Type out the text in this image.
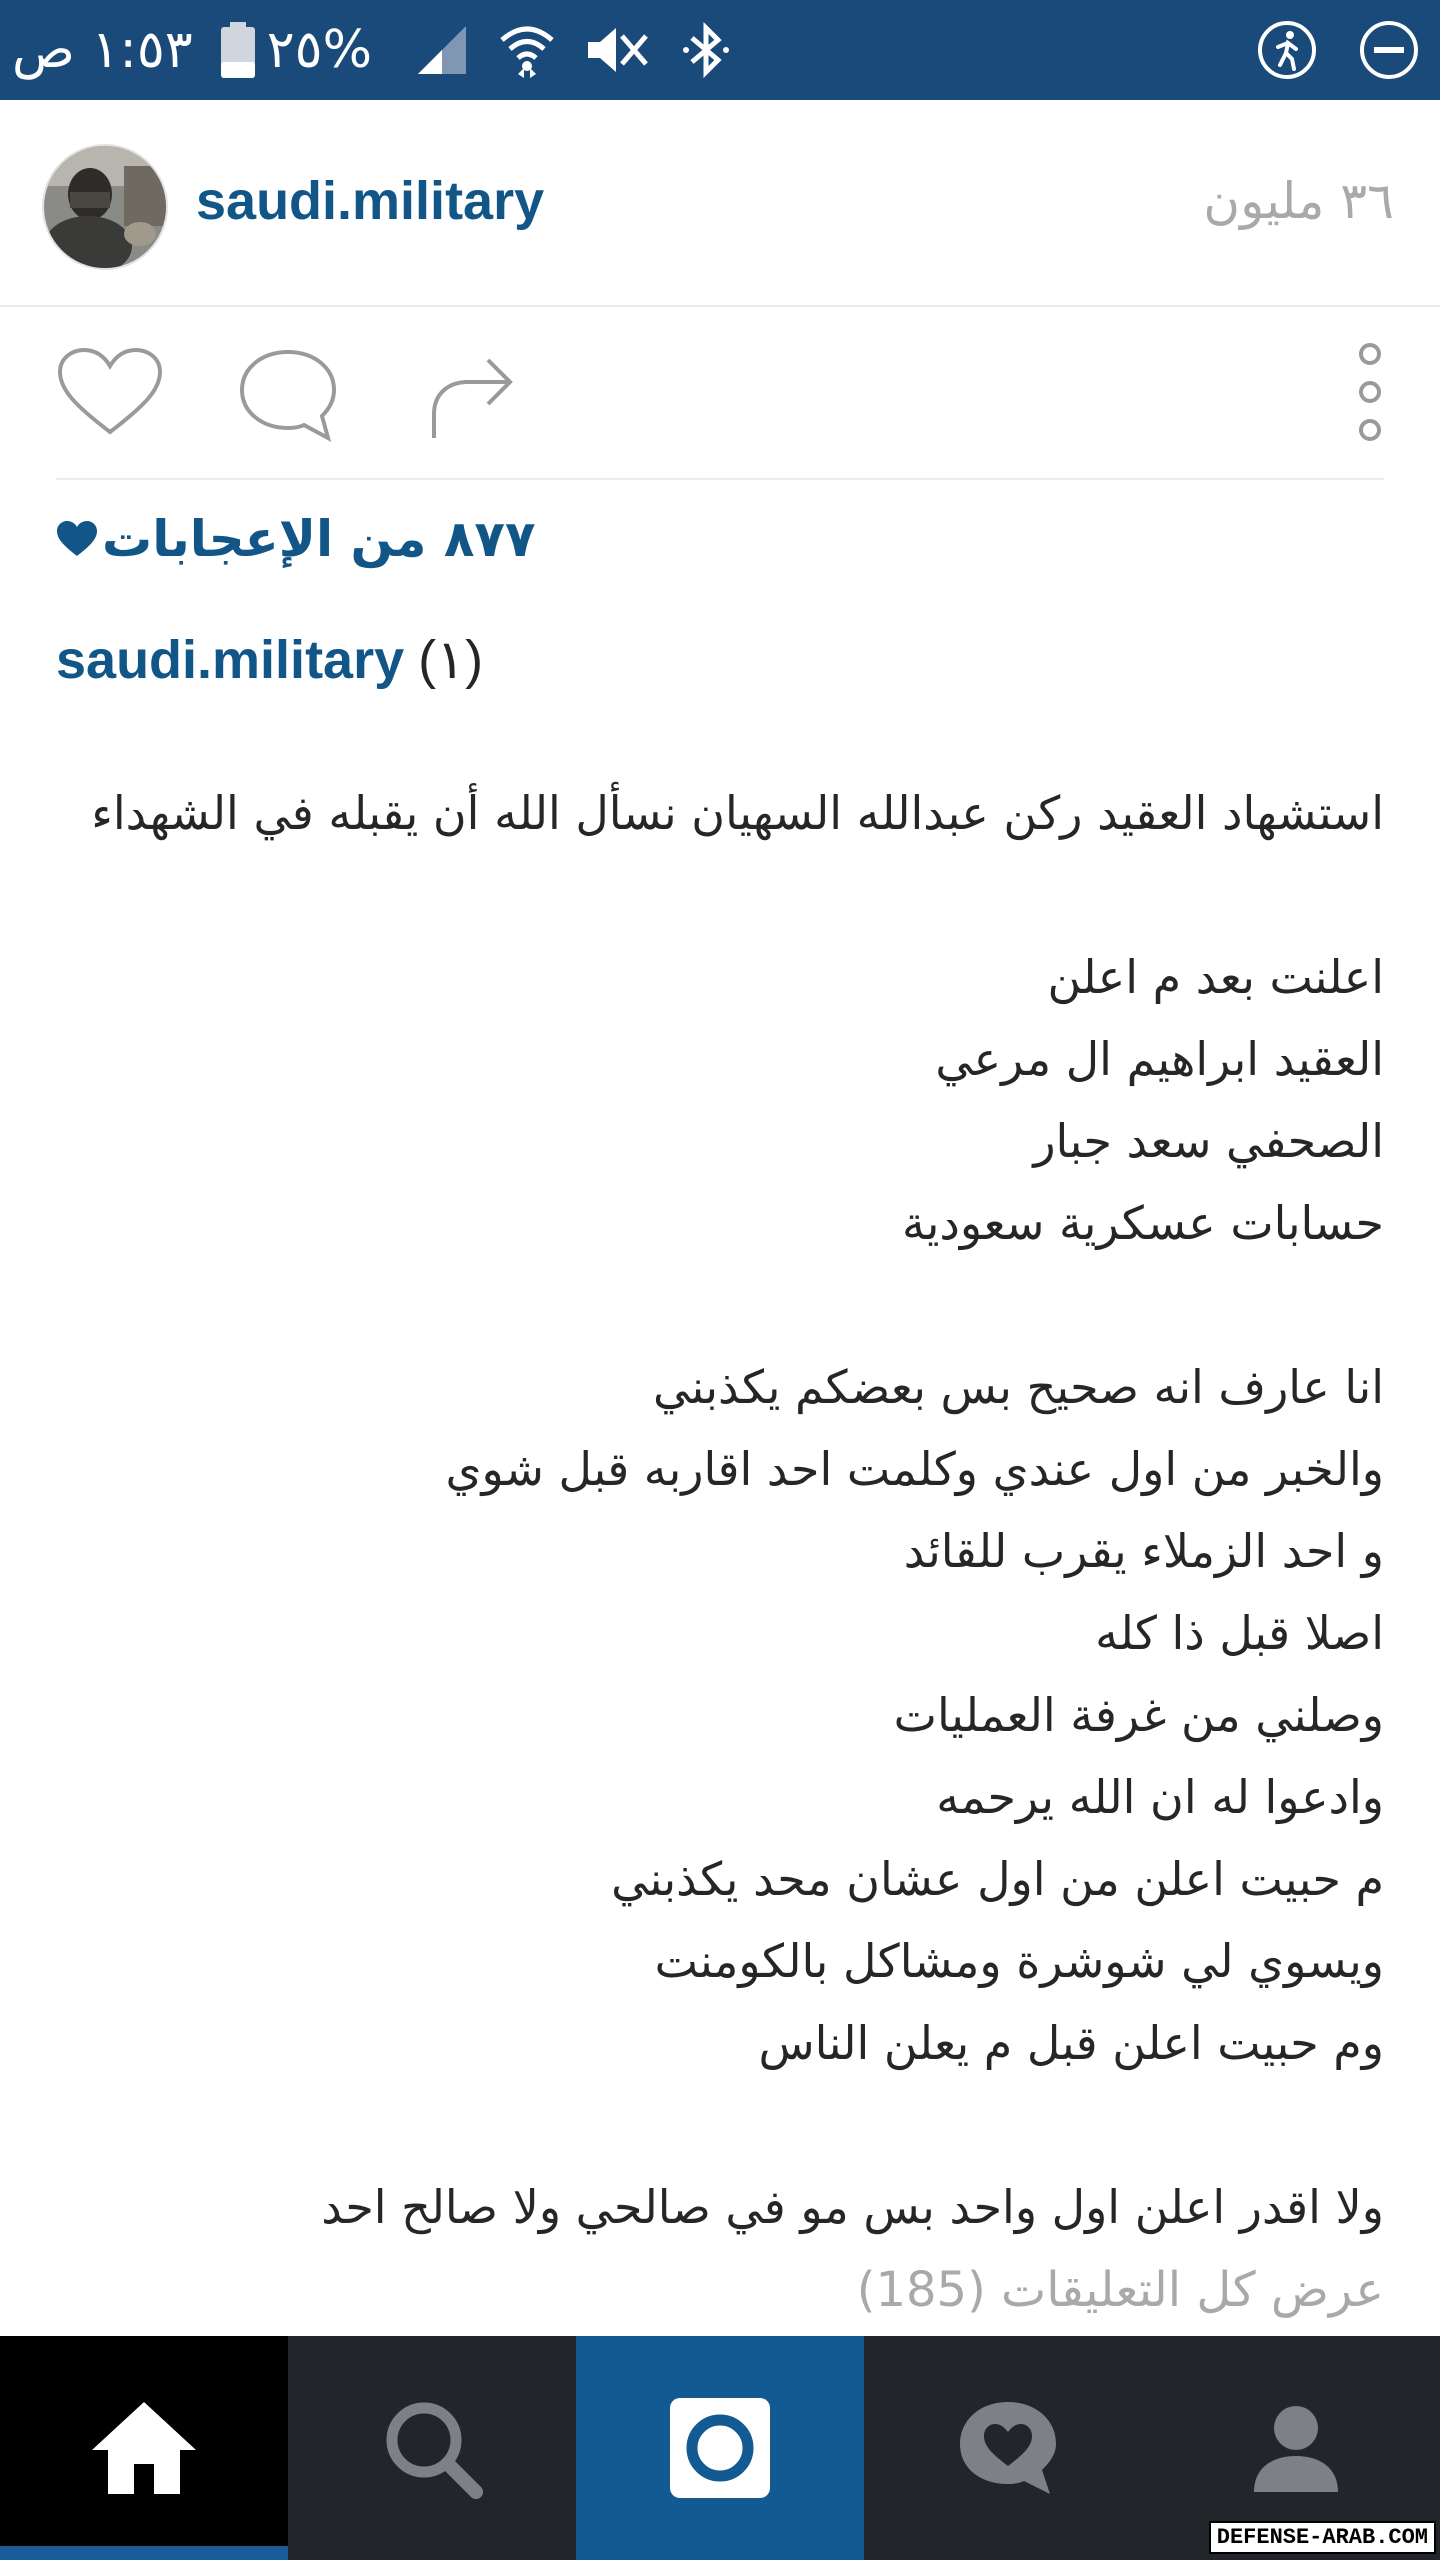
١:٥٣ ص %٢٥
saudi.military	٣٦ مليون
٨٧٧ من الإعجابات
saudi.military (١)
استشهاد العقيد ركن عبدالله السهيان نسأل الله أن يقبله في الشهداء
اعلنت بعد م اعلن
العقيد ابراهيم ال مرعي
الصحفي سعد جبار
حسابات عسكرية سعودية
انا عارف انه صحيح بس بعضكم يكذبني
والخبر من اول عندي وكلمت احد اقاربه قبل شوي
و احد الزملاء يقرب للقائد
اصلا قبل ذا كله
وصلني من غرفة العمليات
وادعوا له ان الله يرحمه
م حبيت اعلن من اول عشان محد يكذبني
ويسوي لي شوشرة ومشاكل بالكومنت
وم حبيت اعلن قبل م يعلن الناس
ولا اقدر اعلن اول واحد بس مو في صالحي ولا صالح احد
عرض كل التعليقات (185)
DEFENSE-ARAB.COM
